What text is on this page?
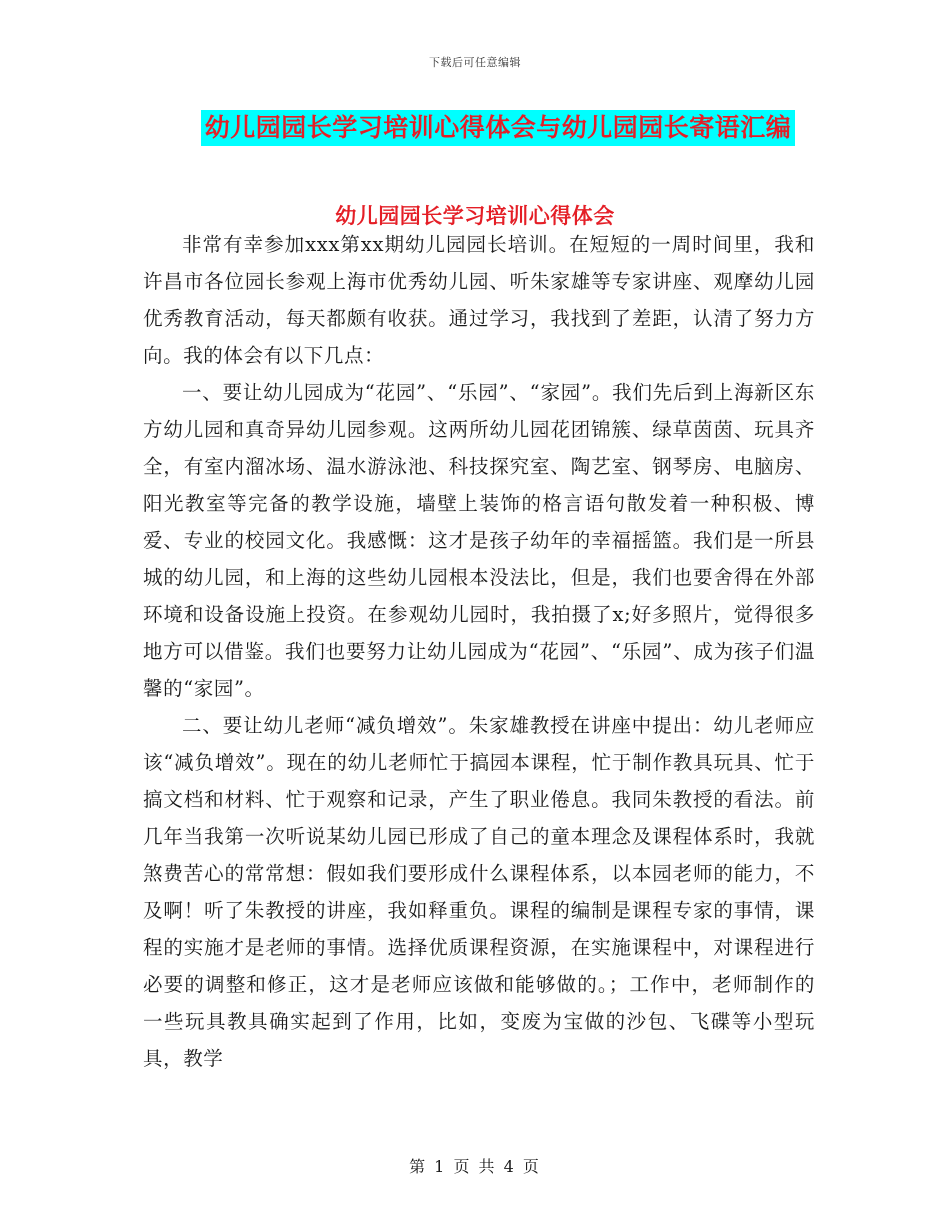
下载后可任意编辑
幼儿园园长学习培训心得体会与幼儿园园长寄语汇编
幼儿园园长学习培训心得体会

非常有幸参加xxx第xx期幼儿园园长培训。在短短的一周时间里，我和许昌市各位园长参观上海市优秀幼儿园、听朱家雄等专家讲座、观摩幼儿园优秀教育活动，每天都颇有收获。通过学习，我找到了差距，认清了努力方向。我的体会有以下几点：

一、要让幼儿园成为“花园”、“乐园”、“家园”。我们先后到上海新区东方幼儿园和真奇异幼儿园参观。这两所幼儿园花团锦簇、绿草茵茵、玩具齐全，有室内溜冰场、温水游泳池、科技探究室、陶艺室、钢琴房、电脑房、阳光教室等完备的教学设施，墙壁上装饰的格言语句散发着一种积极、博爱、专业的校园文化。我感慨：这才是孩子幼年的幸福摇篮。我们是一所县城的幼儿园，和上海的这些幼儿园根本没法比，但是，我们也要舍得在外部环境和设备设施上投资。在参观幼儿园时，我拍摄了x;好多照片，觉得很多地方可以借鉴。我们也要努力让幼儿园成为“花园”、“乐园”、成为孩子们温馨的“家园”。

二、要让幼儿老师“减负增效”。朱家雄教授在讲座中提出：幼儿老师应该“减负增效”。现在的幼儿老师忙于搞园本课程，忙于制作教具玩具、忙于搞文档和材料、忙于观察和记录，产生了职业倦息。我同朱教授的看法。前几年当我第一次听说某幼儿园已形成了自己的童本理念及课程体系时，我就煞费苦心的常常想：假如我们要形成什么课程体系，以本园老师的能力，不及啊！听了朱教授的讲座，我如释重负。课程的编制是课程专家的事情，课程的实施才是老师的事情。选择优质课程资源，在实施课程中，对课程进行必要的调整和修正，这才是老师应该做和能够做的。；工作中，老师制作的一些玩具教具确实起到了作用，比如，变废为宝做的沙包、飞碟等小型玩具，教学

第 1 页 共 4 页
